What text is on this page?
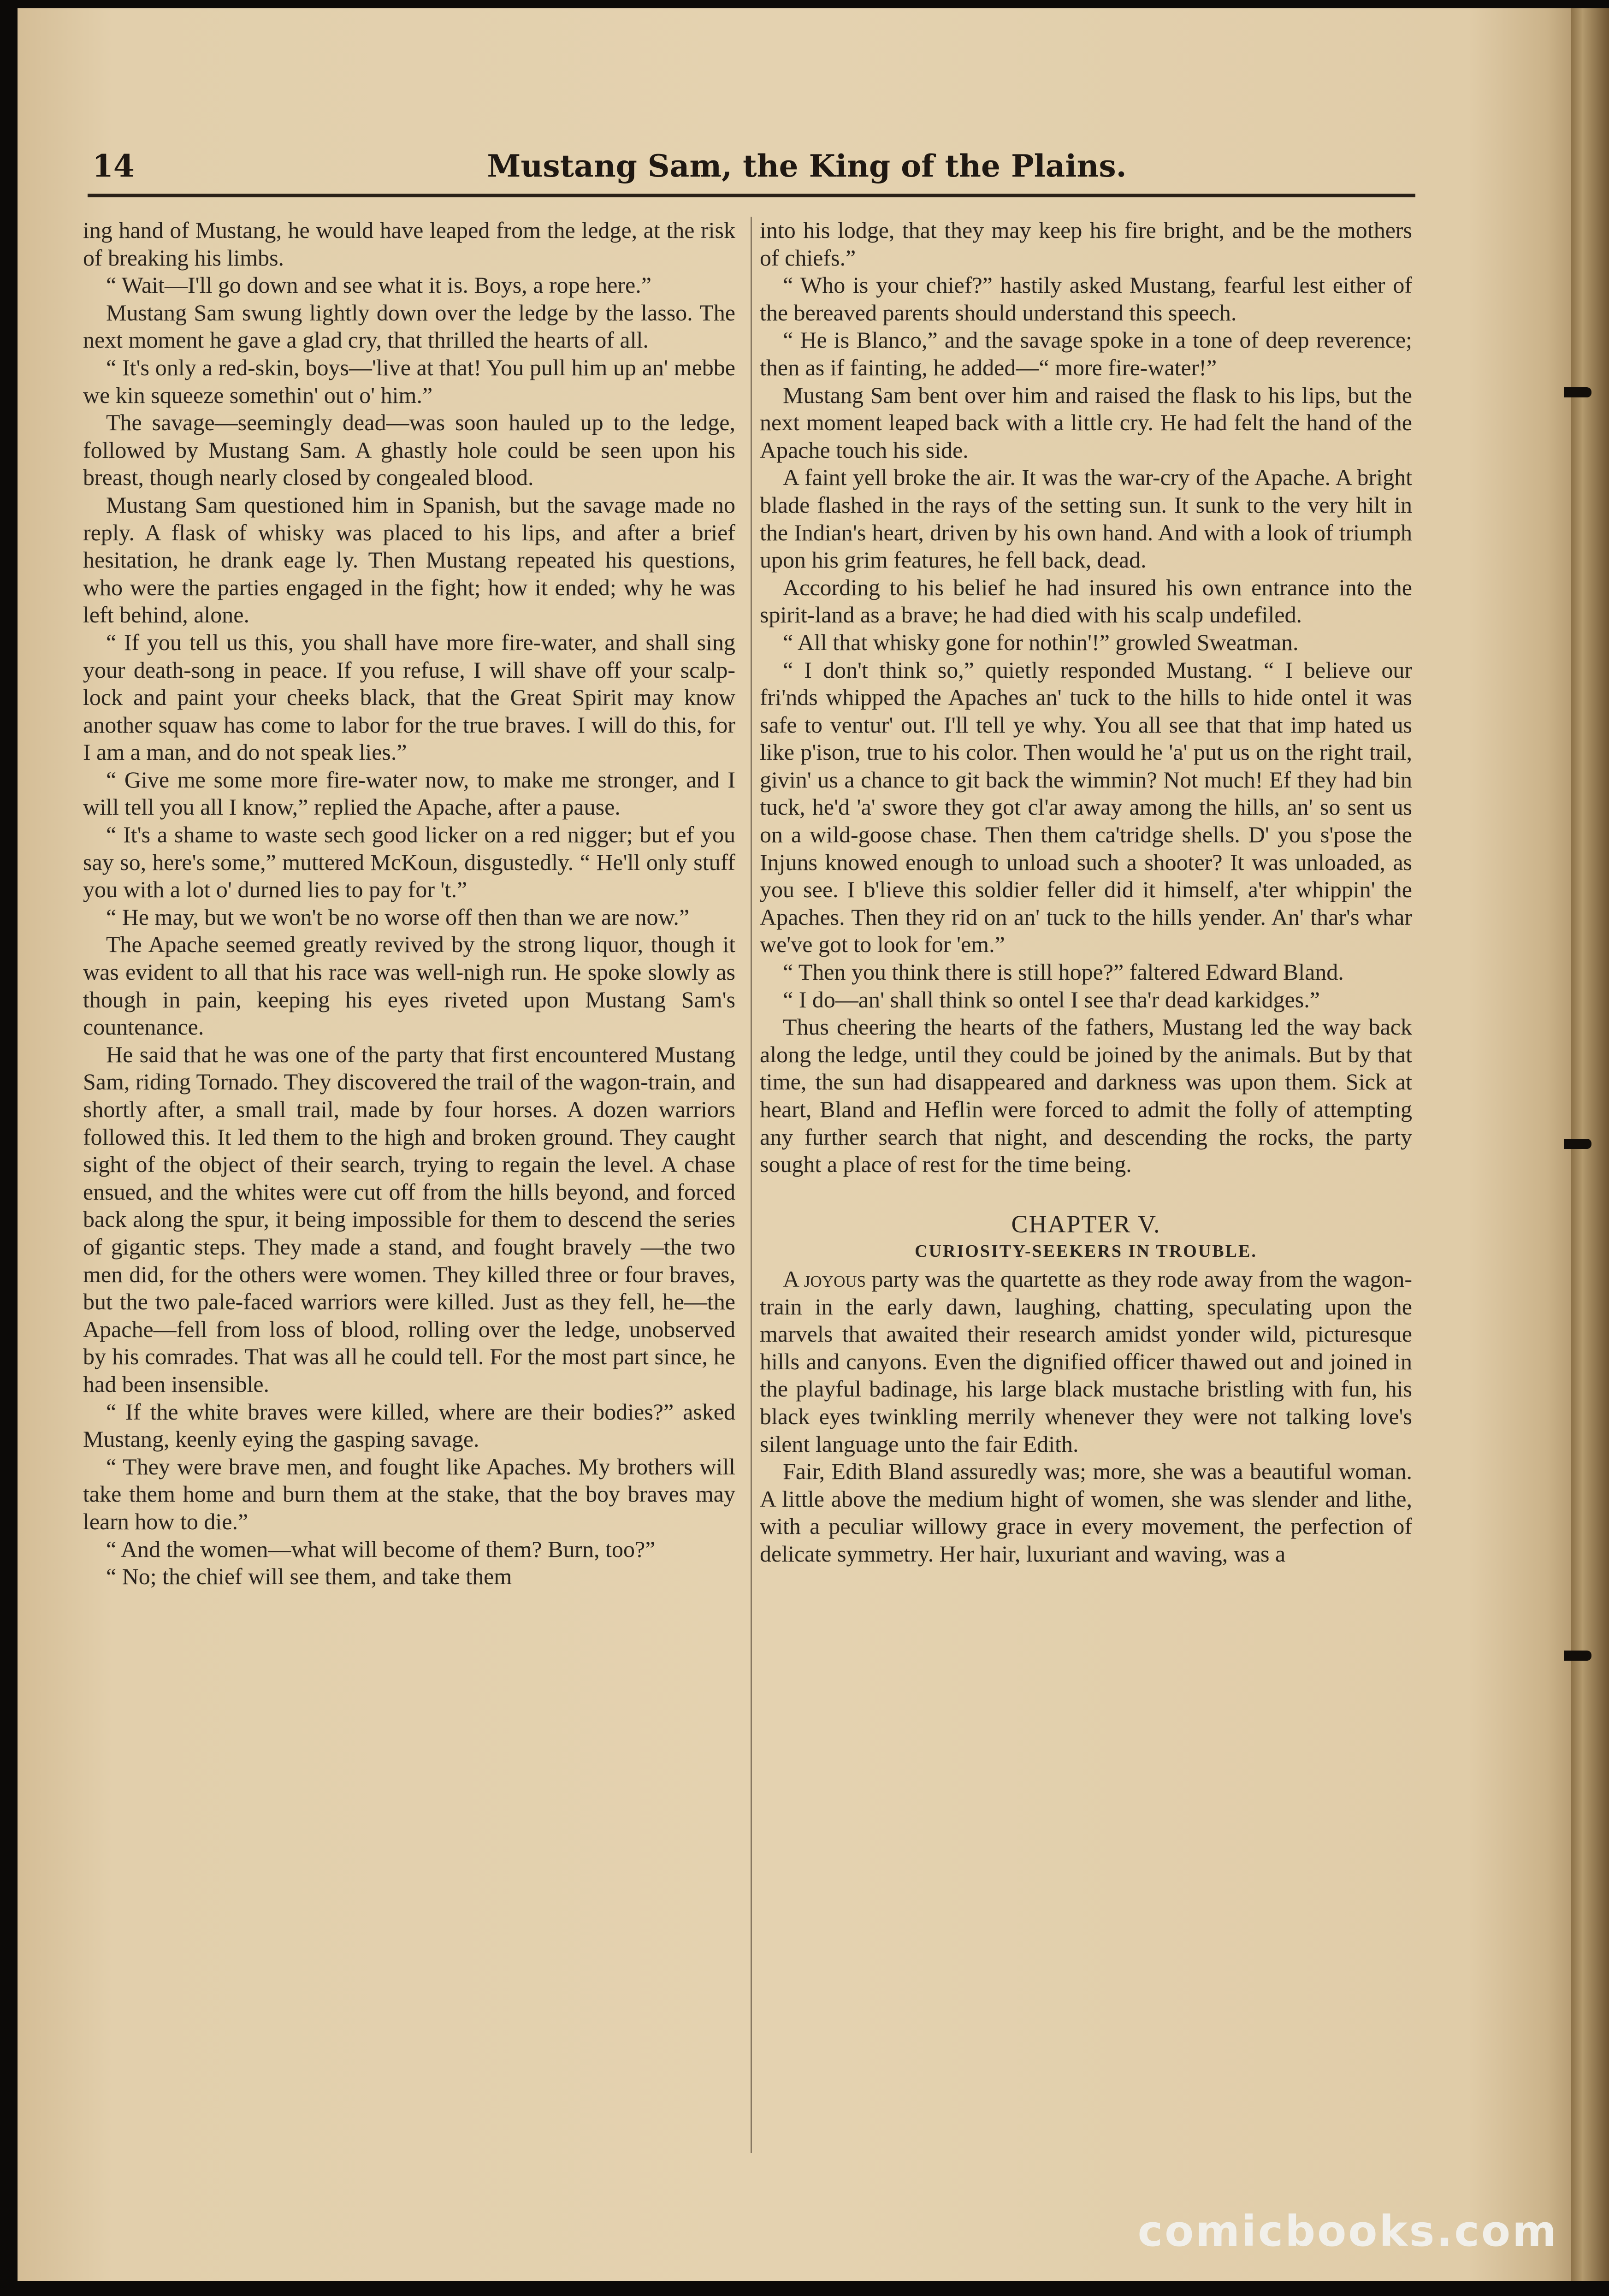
14	Mustang Sam, the King of the Plains.

ing hand of Mustang, he would have leaped from the ledge, at the risk of breaking his limbs.

“ Wait—I'll go down and see what it is. Boys, a rope here.”

Mustang Sam swung lightly down over the ledge by the lasso. The next moment he gave a glad cry, that thrilled the hearts of all.

“ It's only a red-skin, boys—'live at that! You pull him up an' mebbe we kin squeeze somethin' out o' him.”

The savage—seemingly dead—was soon hauled up to the ledge, followed by Mustang Sam. A ghastly hole could be seen upon his breast, though nearly closed by congealed blood.

Mustang Sam questioned him in Spanish, but the savage made no reply. A flask of whisky was placed to his lips, and after a brief hesitation, he drank eage ly. Then Mustang repeated his questions, who were the parties engaged in the fight; how it ended; why he was left behind, alone.

“ If you tell us this, you shall have more fire-water, and shall sing your death-song in peace. If you refuse, I will shave off your scalp-lock and paint your cheeks black, that the Great Spirit may know another squaw has come to labor for the true braves. I will do this, for I am a man, and do not speak lies.”

“ Give me some more fire-water now, to make me stronger, and I will tell you all I know,” replied the Apache, after a pause.

“ It's a shame to waste sech good licker on a red nigger; but ef you say so, here's some,” muttered McKoun, disgustedly. “ He'll only stuff you with a lot o' durned lies to pay for 't.”

“ He may, but we won't be no worse off then than we are now.”

The Apache seemed greatly revived by the strong liquor, though it was evident to all that his race was well-nigh run. He spoke slowly as though in pain, keeping his eyes riveted upon Mustang Sam's countenance.

He said that he was one of the party that first encountered Mustang Sam, riding Tornado. They discovered the trail of the wagon-train, and shortly after, a small trail, made by four horses. A dozen warriors followed this. It led them to the high and broken ground. They caught sight of the object of their search, trying to regain the level. A chase ensued, and the whites were cut off from the hills beyond, and forced back along the spur, it being impossible for them to descend the series of gigantic steps. They made a stand, and fought bravely —the two men did, for the others were women. They killed three or four braves, but the two pale-faced warriors were killed. Just as they fell, he—the Apache—fell from loss of blood, rolling over the ledge, unobserved by his comrades. That was all he could tell. For the most part since, he had been insensible.

“ If the white braves were killed, where are their bodies?” asked Mustang, keenly eying the gasping savage.

“ They were brave men, and fought like Apaches. My brothers will take them home and burn them at the stake, that the boy braves may learn how to die.”

“ And the women—what will become of them? Burn, too?”

“ No; the chief will see them, and take them

into his lodge, that they may keep his fire bright, and be the mothers of chiefs.”

“ Who is your chief?” hastily asked Mustang, fearful lest either of the bereaved parents should understand this speech.

“ He is Blanco,” and the savage spoke in a tone of deep reverence; then as if fainting, he added—“ more fire-water!”

Mustang Sam bent over him and raised the flask to his lips, but the next moment leaped back with a little cry. He had felt the hand of the Apache touch his side.

A faint yell broke the air. It was the war-cry of the Apache. A bright blade flashed in the rays of the setting sun. It sunk to the very hilt in the Indian's heart, driven by his own hand. And with a look of triumph upon his grim features, he fell back, dead.

According to his belief he had insured his own entrance into the spirit-land as a brave; he had died with his scalp undefiled.

“ All that whisky gone for nothin'!” growled Sweatman.

“ I don't think so,” quietly responded Mustang. “ I believe our fri'nds whipped the Apaches an' tuck to the hills to hide ontel it was safe to ventur' out. I'll tell ye why. You all see that that imp hated us like p'ison, true to his color. Then would he 'a' put us on the right trail, givin' us a chance to git back the wimmin? Not much! Ef they had bin tuck, he'd 'a' swore they got cl'ar away among the hills, an' so sent us on a wild-goose chase. Then them ca'tridge shells. D' you s'pose the Injuns knowed enough to unload such a shooter? It was unloaded, as you see. I b'lieve this soldier feller did it himself, a'ter whippin' the Apaches. Then they rid on an' tuck to the hills yender. An' thar's whar we've got to look for 'em.”

“ Then you think there is still hope?” faltered Edward Bland.

“ I do—an' shall think so ontel I see tha'r dead karkidges.”

Thus cheering the hearts of the fathers, Mustang led the way back along the ledge, until they could be joined by the animals. But by that time, the sun had disappeared and darkness was upon them. Sick at heart, Bland and Heflin were forced to admit the folly of attempting any further search that night, and descending the rocks, the party sought a place of rest for the time being.

CHAPTER V.

CURIOSITY-SEEKERS IN TROUBLE.

A joyous party was the quartette as they rode away from the wagon-train in the early dawn, laughing, chatting, speculating upon the marvels that awaited their research amidst yonder wild, picturesque hills and canyons. Even the dignified officer thawed out and joined in the playful badinage, his large black mustache bristling with fun, his black eyes twinkling merrily whenever they were not talking love's silent language unto the fair Edith.

Fair, Edith Bland assuredly was; more, she was a beautiful woman. A little above the medium hight of women, she was slender and lithe, with a peculiar willowy grace in every movement, the perfection of delicate symmetry. Her hair, luxuriant and waving, was a

comicbooks.com
